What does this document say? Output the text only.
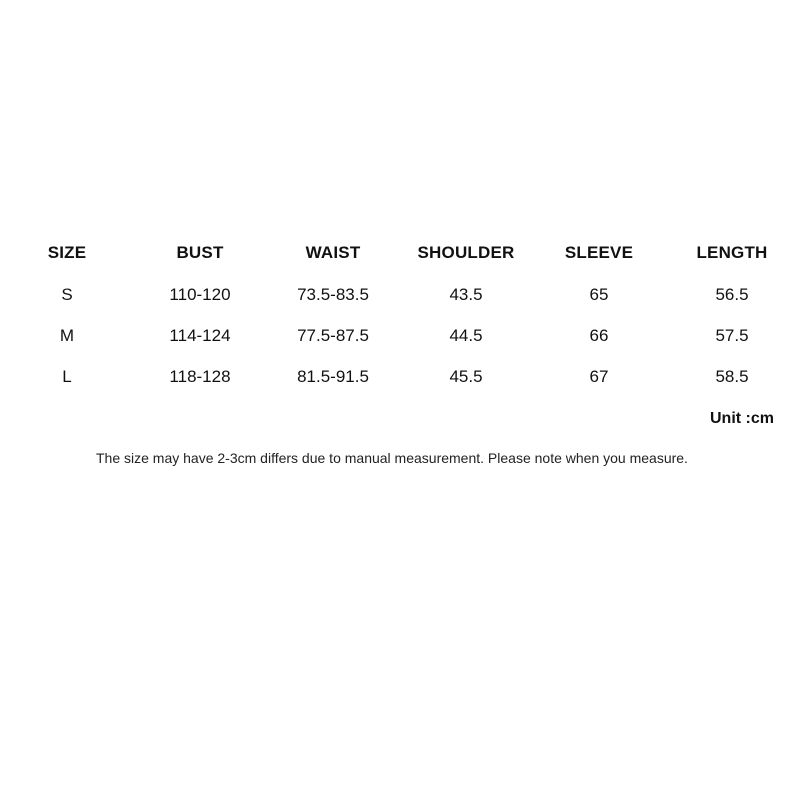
SIZE	BUST	WAIST	SHOULDER	SLEEVE	LENGTH
S	110-120	73.5-83.5	43.5	65	56.5
M	114-124	77.5-87.5	44.5	66	57.5
L	118-128	81.5-91.5	45.5	67	58.5
Unit :cm
The size may have 2-3cm differs due to manual measurement. Please note when you measure.
